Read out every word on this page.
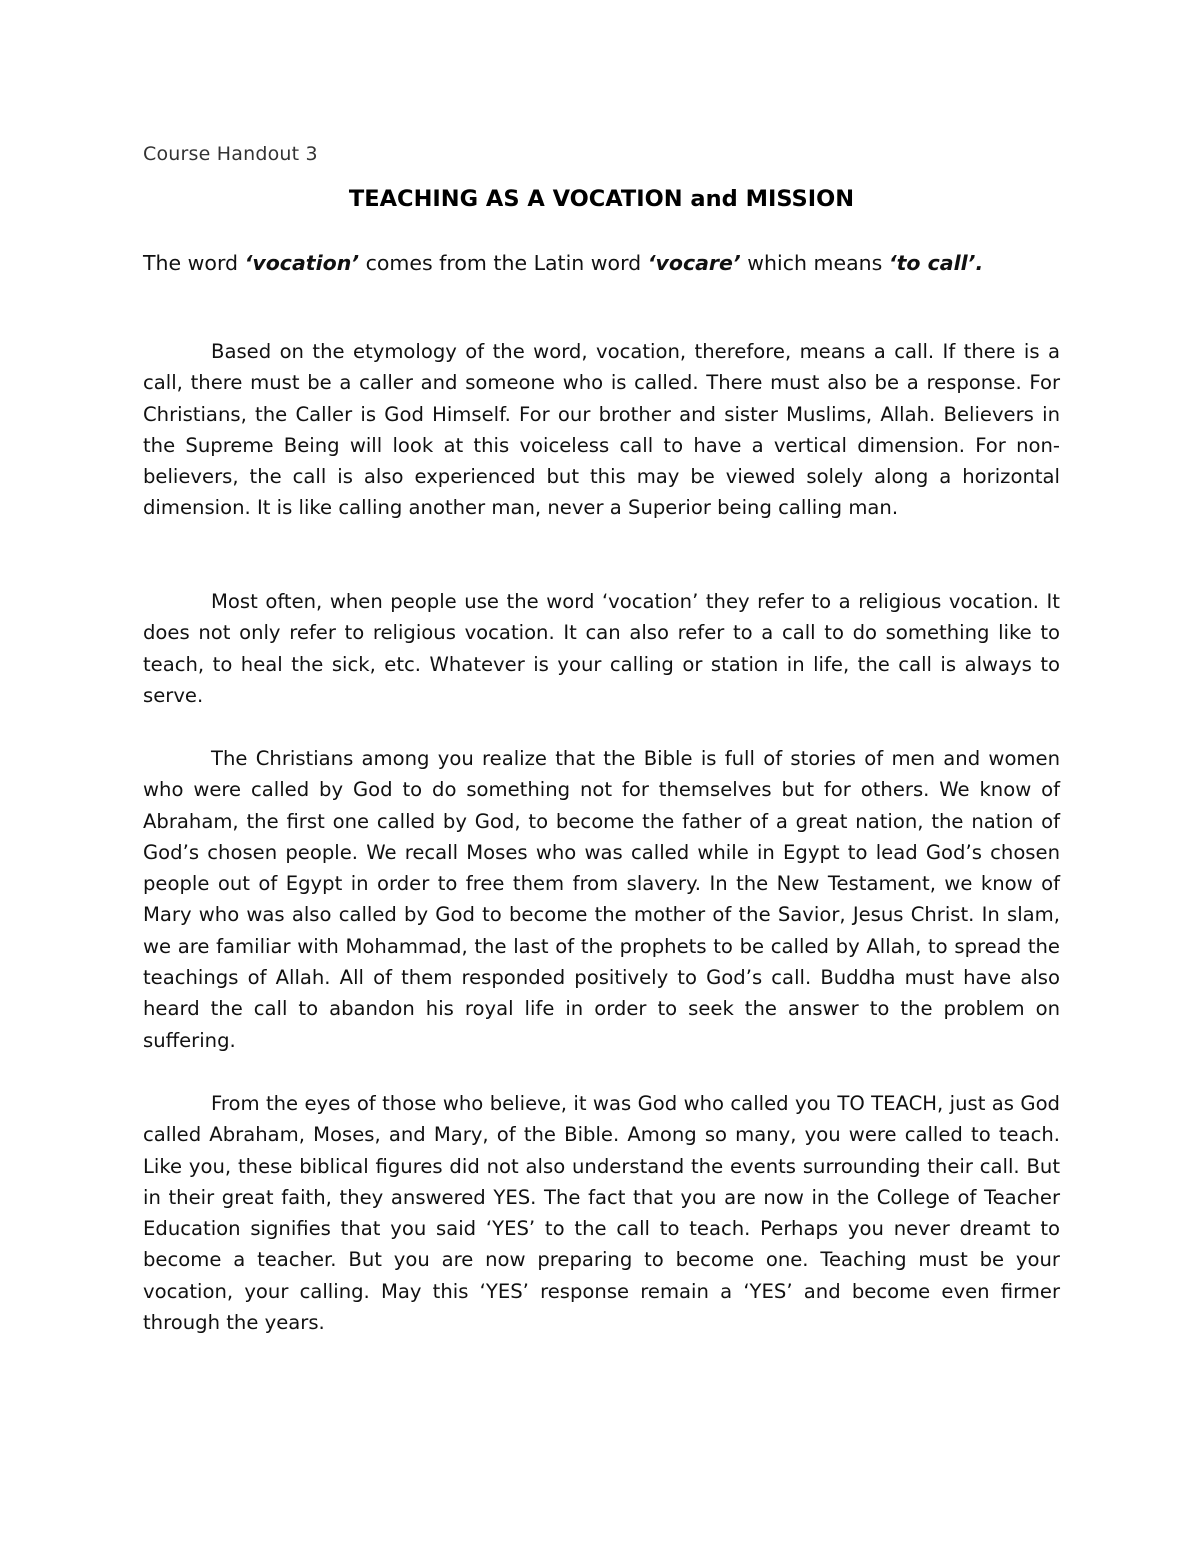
Course Handout 3
TEACHING AS A VOCATION and MISSION

The word ‘vocation’ comes from the Latin word ‘vocare’ which means ‘to call’.

Based on the etymology of the word, vocation, therefore, means a call. If there is a call, there must be a caller and someone who is called. There must also be a response. For Christians, the Caller is God Himself. For our brother and sister Muslims, Allah. Believers in the Supreme Being will look at this voiceless call to have a vertical dimension. For non-believers, the call is also experienced but this may be viewed solely along a horizontal dimension. It is like calling another man, never a Superior being calling man.

Most often, when people use the word ‘vocation’ they refer to a religious vocation. It does not only refer to religious vocation. It can also refer to a call to do something like to teach, to heal the sick, etc. Whatever is your calling or station in life, the call is always to serve.

The Christians among you realize that the Bible is full of stories of men and women who were called by God to do something not for themselves but for others. We know of Abraham, the first one called by God, to become the father of a great nation, the nation of God’s chosen people. We recall Moses who was called while in Egypt to lead God’s chosen people out of Egypt in order to free them from slavery. In the New Testament, we know of Mary who was also called by God to become the mother of the Savior, Jesus Christ. In slam, we are familiar with Mohammad, the last of the prophets to be called by Allah, to spread the teachings of Allah. All of them responded positively to God’s call. Buddha must have also heard the call to abandon his royal life in order to seek the answer to the problem on suffering.

From the eyes of those who believe, it was God who called you TO TEACH, just as God called Abraham, Moses, and Mary, of the Bible. Among so many, you were called to teach. Like you, these biblical figures did not also understand the events surrounding their call. But in their great faith, they answered YES. The fact that you are now in the College of Teacher Education signifies that you said ‘YES’ to the call to teach. Perhaps you never dreamt to become a teacher. But you are now preparing to become one. Teaching must be your vocation, your calling. May this ‘YES’ response remain a ‘YES’ and become even firmer through the years.
